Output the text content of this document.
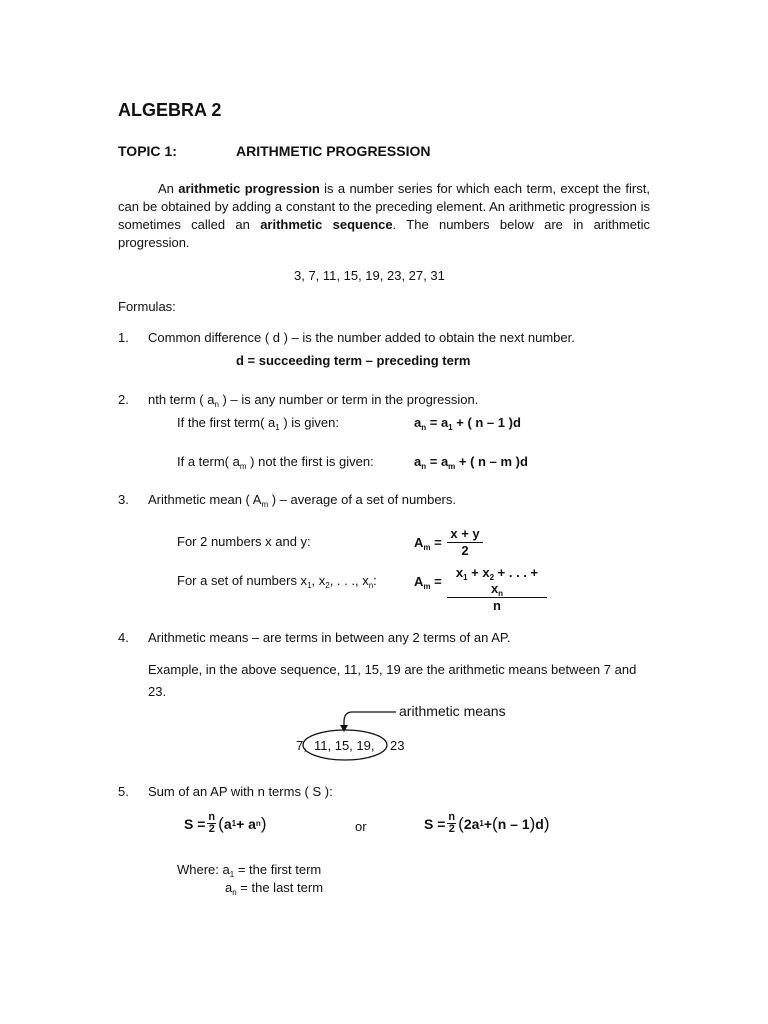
ALGEBRA 2
TOPIC 1:	ARITHMETIC PROGRESSION
An arithmetic progression is a number series for which each term, except the first, can be obtained by adding a constant to the preceding element. An arithmetic progression is sometimes called an arithmetic sequence. The numbers below are in arithmetic progression.
3, 7, 11, 15, 19, 23, 27, 31
Formulas:
1. Common difference ( d ) – is the number added to obtain the next number.
d = succeeding term – preceding term
2. nth term ( $a_n$ ) – is any number or term in the progression.
If the first term( $a_1$ ) is given:	$a_n = a_1$ + ( n – 1 )d
If a term( $a_m$ ) not the first is given:	$a_n = a_m$ + ( n – m )d
3. Arithmetic mean ( $A_m$ ) – average of a set of numbers.
For 2 numbers x and y:	$A_m = \frac{x + y}{2}$
For a set of numbers $x_1$, $x_2$, . . ., $x_n$:	$A_m = \frac{x_1 + x_2 + . . . + x_n}{n}$
4. Arithmetic means – are terms in between any 2 terms of an AP.
Example, in the above sequence, 11, 15, 19 are the arithmetic means between 7 and
23.
arithmetic means
7, 11, 15, 19, 23
5. Sum of an AP with n terms ( S ):
$S = \frac{n}{2}$ ( a 1 + a n )	or	$S = \frac{n}{2}$ ( 2a 1 + ( n – 1 ) d )
Where: $a_1$ = the first term
$a_n$ = the last term
